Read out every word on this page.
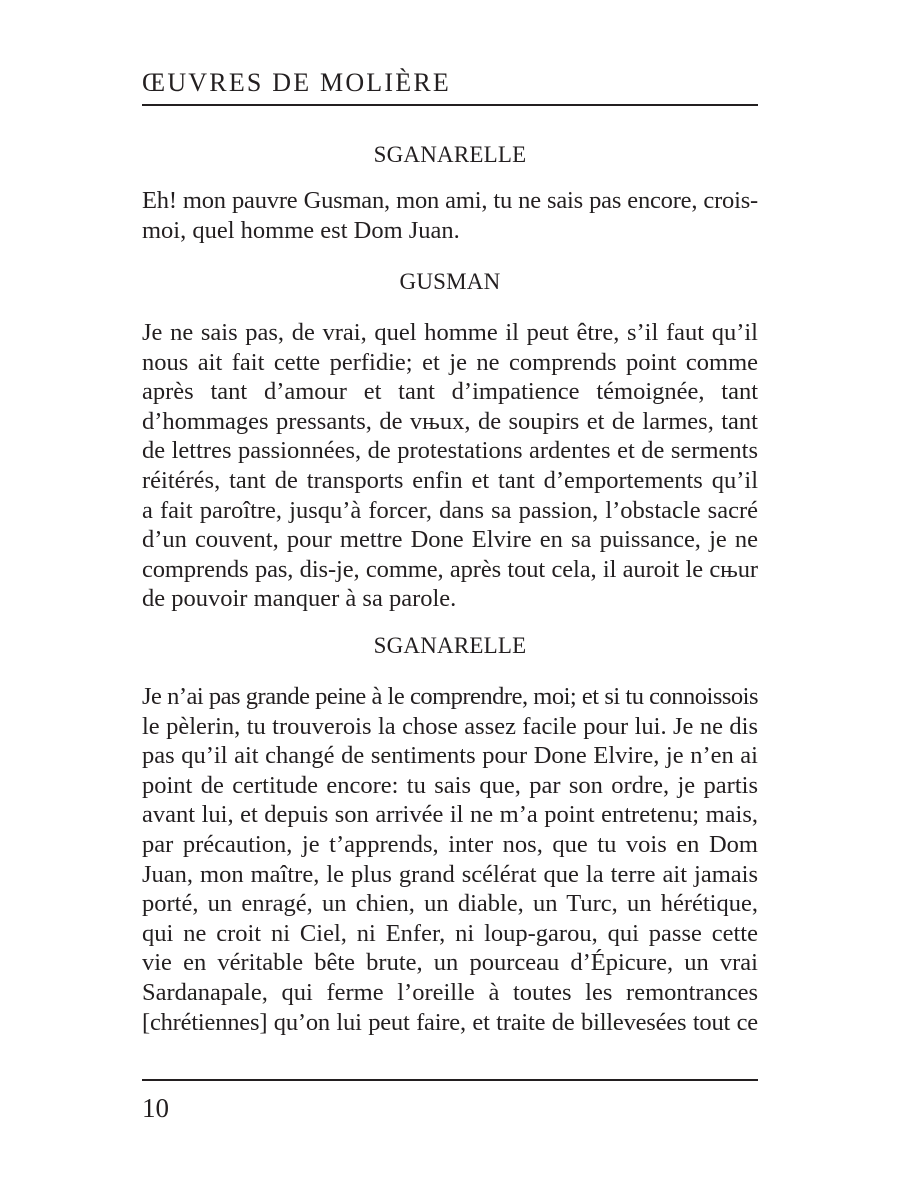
ŒUVRES DE MOLIÈRE
SGANARELLE
Eh! mon pauvre Gusman, mon ami, tu ne sais pas encore, crois-
moi, quel homme est Dom Juan.
GUSMAN
Je ne sais pas, de vrai, quel homme il peut être, s’il faut qu’il
nous ait fait cette perfidie; et je ne comprends point comme
après tant d’amour et tant d’impatience témoignée, tant
d’hommages pressants, de vњux, de soupirs et de larmes, tant
de lettres passionnées, de protestations ardentes et de serments
réitérés, tant de transports enfin et tant d’emportements qu’il
a fait paroître, jusqu’à forcer, dans sa passion, l’obstacle sacré
d’un couvent, pour mettre Done Elvire en sa puissance, je ne
comprends pas, dis-je, comme, après tout cela, il auroit le cњur
de pouvoir manquer à sa parole.
SGANARELLE
Je n’ai pas grande peine à le comprendre, moi; et si tu connoissois
le pèlerin, tu trouverois la chose assez facile pour lui. Je ne dis
pas qu’il ait changé de sentiments pour Done Elvire, je n’en ai
point de certitude encore: tu sais que, par son ordre, je partis
avant lui, et depuis son arrivée il ne m’a point entretenu; mais,
par précaution, je t’apprends, inter nos, que tu vois en Dom
Juan, mon maître, le plus grand scélérat que la terre ait jamais
porté, un enragé, un chien, un diable, un Turc, un hérétique,
qui ne croit ni Ciel, ni Enfer, ni loup-garou, qui passe cette
vie en véritable bête brute, un pourceau d’Épicure, un vrai
Sardanapale, qui ferme l’oreille à toutes les remontrances
[chrétiennes] qu’on lui peut faire, et traite de billevesées tout ce
10
